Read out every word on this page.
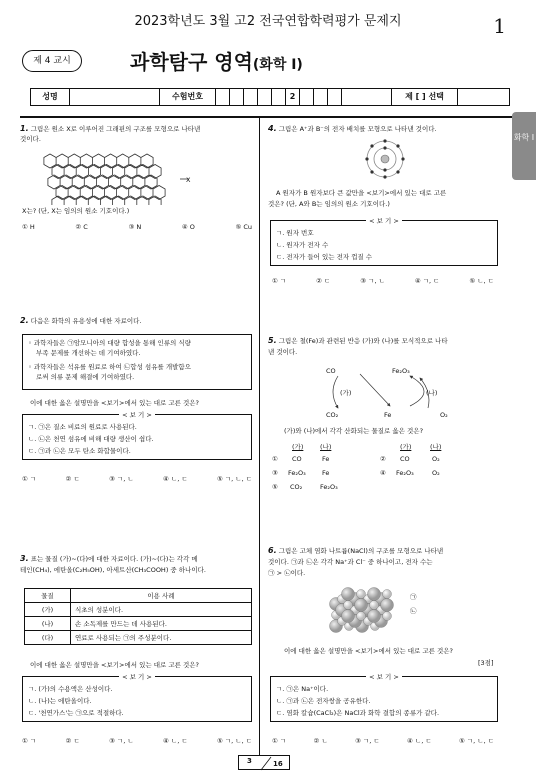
2023학년도 3월 고2 전국연합학력평가 문제지	1
제 4 교시	과학탐구 영역(화학 I)
성명	수험번호	2	제 [ ] 선택
화학 I
1. 그림은 원소 X로 이루어진 그래핀의 구조를 모형으로 나타낸
것이다.
X
X는? (단, X는 임의의 원소 기호이다.)
① H	② C	③ N	④ O	⑤ Cu
2. 다음은 화학의 유용성에 대한 자료이다.
◦ 과학자들은 ㉠암모니아의 대량 합성을 통해 인류의 식량
부족 문제를 개선하는 데 기여하였다.
◦ 과학자들은 석유를 원료로 하여 ㉡합성 섬유를 개발함으
로써 의류 문제 해결에 기여하였다.
이에 대한 옳은 설명만을 <보기>에서 있는 대로 고른 것은?
< 보 기 >
ㄱ. ㉠은 질소 비료의 원료로 사용된다.
ㄴ. ㉡은 천연 섬유에 비해 대량 생산이 쉽다.
ㄷ. ㉠과 ㉡은 모두 탄소 화합물이다.
① ㄱ	② ㄷ	③ ㄱ, ㄴ	④ ㄴ, ㄷ	⑤ ㄱ, ㄴ, ㄷ
3. 표는 물질 (가)~(다)에 대한 자료이다. (가)~(다)는 각각 메
테인(CH₄), 에탄올(C₂H₅OH), 아세트산(CH₃COOH) 중 하나이다.
물질	이용 사례
(가)	식초의 성분이다.
(나)	손 소독제를 만드는 데 사용된다.
(다)	연료로 사용되는 ㉠의 주성분이다.
이에 대한 옳은 설명만을 <보기>에서 있는 대로 고른 것은?
< 보 기 >
ㄱ. (가)의 수용액은 산성이다.
ㄴ. (나)는 에탄올이다.
ㄷ. '천연가스'는 ㉠으로 적절하다.
① ㄱ	② ㄷ	③ ㄱ, ㄴ	④ ㄴ, ㄷ	⑤ ㄱ, ㄴ, ㄷ
4. 그림은 A⁺과 B⁻의 전자 배치를 모형으로 나타낸 것이다.
A 원자가 B 원자보다 큰 값만을 <보기>에서 있는 대로 고른
것은? (단, A와 B는 임의의 원소 기호이다.)
< 보 기 >
ㄱ. 원자 번호
ㄴ. 원자가 전자 수
ㄷ. 전자가 들어 있는 전자 껍질 수
① ㄱ	② ㄷ	③ ㄱ, ㄴ	④ ㄱ, ㄷ	⑤ ㄴ, ㄷ
5. 그림은 철(Fe)과 관련된 반응 (가)와 (나)를 모식적으로 나타
낸 것이다.
CO	Fe₂O₃
(가)	(나)
CO₂	Fe	O₂
(가)와 (나)에서 각각 산화되는 물질로 옳은 것은?
(가)	(나)	(가)	(나)
① CO	Fe	② CO	O₂
③ Fe₂O₃	Fe	④ Fe₂O₃	O₂
⑤ CO₂	Fe₂O₃
6. 그림은 고체 염화 나트륨(NaCl)의 구조를 모형으로 나타낸
것이다. ㉠과 ㉡은 각각 Na⁺과 Cl⁻ 중 하나이고, 전자 수는
㉠ > ㉡이다.
㉠
㉡
이에 대한 옳은 설명만을 <보기>에서 있는 대로 고른 것은?
[3점]
< 보 기 >
ㄱ. ㉠은 Na⁺이다.
ㄴ. ㉠과 ㉡은 전자쌍을 공유한다.
ㄷ. 염화 칼슘(CaCl₂)은 NaCl과 화학 결합의 종류가 같다.
① ㄱ	② ㄴ	③ ㄱ, ㄷ	④ ㄴ, ㄷ	⑤ ㄱ, ㄴ, ㄷ
3	16
